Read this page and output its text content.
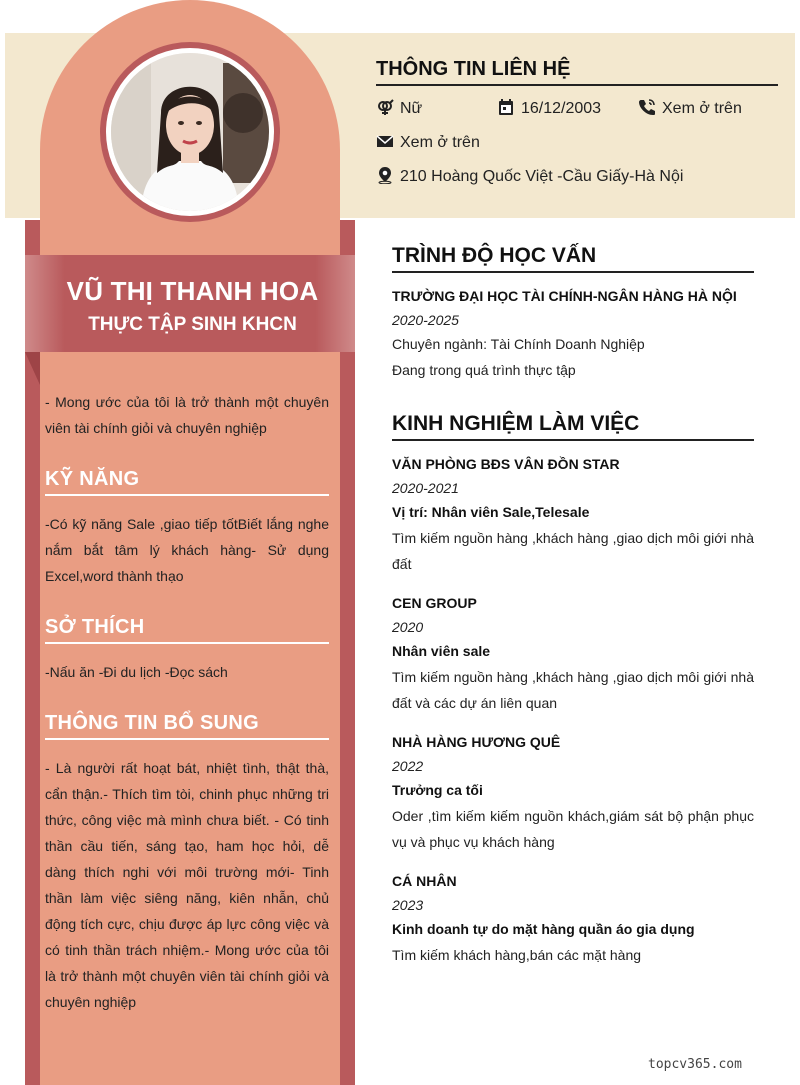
VŨ THỊ THANH HOA
THỰC TẬP SINH KHCN
- Mong ước của tôi là trở thành một chuyên viên tài chính giỏi và chuyên nghiệp
KỸ NĂNG
-Có kỹ năng Sale ,giao tiếp tốtBiết lắng nghe nắm bắt tâm lý khách hàng- Sử dụng Excel,word thành thạo
SỞ THÍCH
-Nấu ăn -Đi du lịch -Đọc sách
THÔNG TIN BỔ SUNG
- Là người rất hoạt bát, nhiệt tình, thật thà, cẩn thận.- Thích tìm tòi, chinh phục những tri thức, công việc mà mình chưa biết. - Có tinh thần cầu tiến, sáng tạo, ham học hỏi, dễ dàng thích nghi với môi trường mới- Tinh thần làm việc siêng năng, kiên nhẫn, chủ động tích cực, chịu được áp lực công việc và có tinh thần trách nhiệm.- Mong ước của tôi là trở thành một chuyên viên tài chính giỏi và chuyên nghiệp
THÔNG TIN LIÊN HỆ
Nữ	16/12/2003	Xem ở trên
Xem ở trên
210 Hoàng Quốc Việt -Cầu Giấy-Hà Nội
TRÌNH ĐỘ HỌC VẤN
TRƯỜNG ĐẠI HỌC TÀI CHÍNH-NGÂN HÀNG HÀ NỘI
2020-2025
Chuyên ngành: Tài Chính Doanh Nghiệp
Đang trong quá trình thực tập
KINH NGHIỆM LÀM VIỆC
VĂN PHÒNG BĐS VÂN ĐỒN STAR
2020-2021
Vị trí: Nhân viên Sale,Telesale
Tìm kiếm nguồn hàng ,khách hàng ,giao dịch môi giới nhà đất
CEN GROUP
2020
Nhân viên sale
Tìm kiếm nguồn hàng ,khách hàng ,giao dịch môi giới nhà đất và các dự án liên quan
NHÀ HÀNG HƯƠNG QUÊ
2022
Trưởng ca tối
Oder ,tìm kiếm kiếm nguồn khách,giám sát bộ phận phục vụ và phục vụ khách hàng
CÁ NHÂN
2023
Kinh doanh tự do mặt hàng quần áo gia dụng
Tìm kiếm khách hàng,bán các mặt hàng
topcv365.com
